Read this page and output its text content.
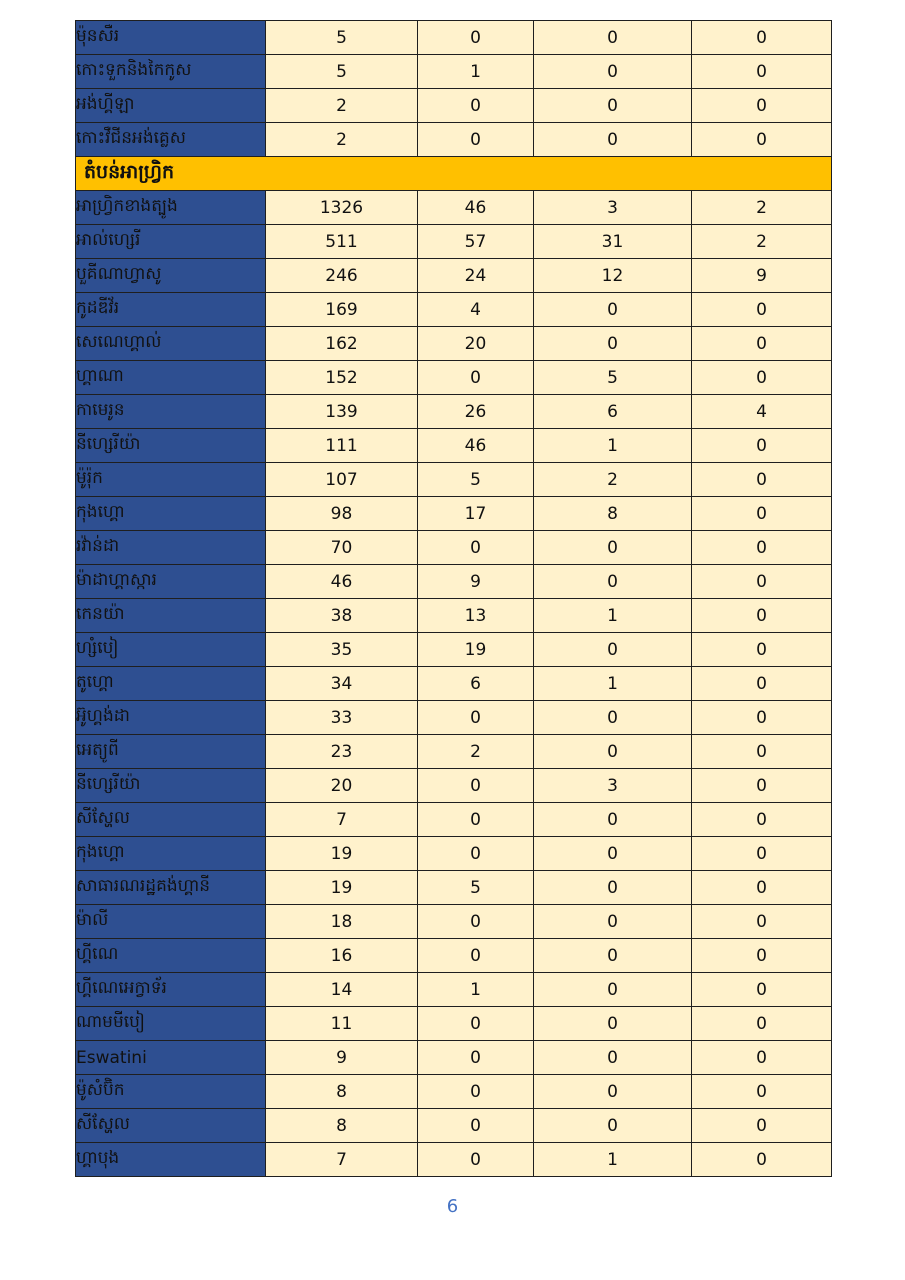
ម៉ុនសឺរ	5	0	0	0
កោះទួកនិងកៃកូស	5	1	0	0
អង់ហ្គីឡា	2	0	0	0
កោះវឺជីនអង់គ្លេស	2	0	0	0
តំបន់អាហ្វ្រិក				
អាហ្វ្រិកខាងត្បូង	1326	46	3	2
អាល់ហ្សេរី	511	57	31	2
បួគីណាហ្វាសូ	246	24	12	9
កូដឌីវ័រ	169	4	0	0
សេណេហ្គាល់	162	20	0	0
ហ្គាណា	152	0	5	0
កាមេរូន	139	26	6	4
នីហ្សេរីយ៉ា	111	46	1	0
ម៉ូរ៉ុក	107	5	2	0
កុងហ្គោ	98	17	8	0
រវ៉ាន់ដា	70	0	0	0
ម៉ាដាហ្គាស្ការ	46	9	0	0
កេនយ៉ា	38	13	1	0
ហ្សំបៀ	35	19	0	0
តូហ្គោ	34	6	1	0
អ៊ូហ្គង់ដា	33	0	0	0
អេត្យូពី	23	2	0	0
នីហ្សេរីយ៉ា	20	0	3	0
សីស្ហែល	7	0	0	0
កុងហ្គោ	19	0	0	0
សាធារណរដ្ឋគង់ហ្គានី	19	5	0	0
ម៉ាលី	18	0	0	0
ហ្គីណេ	16	0	0	0
ហ្គីណេអេក្វាទ័រ	14	1	0	0
ណាមមីបៀ	11	0	0	0
Eswatini	9	0	0	0
ម៉ូសំប៊ិក	8	0	0	0
សីស្ហែល	8	0	0	0
ហ្គាបុង	7	0	1	0
6
